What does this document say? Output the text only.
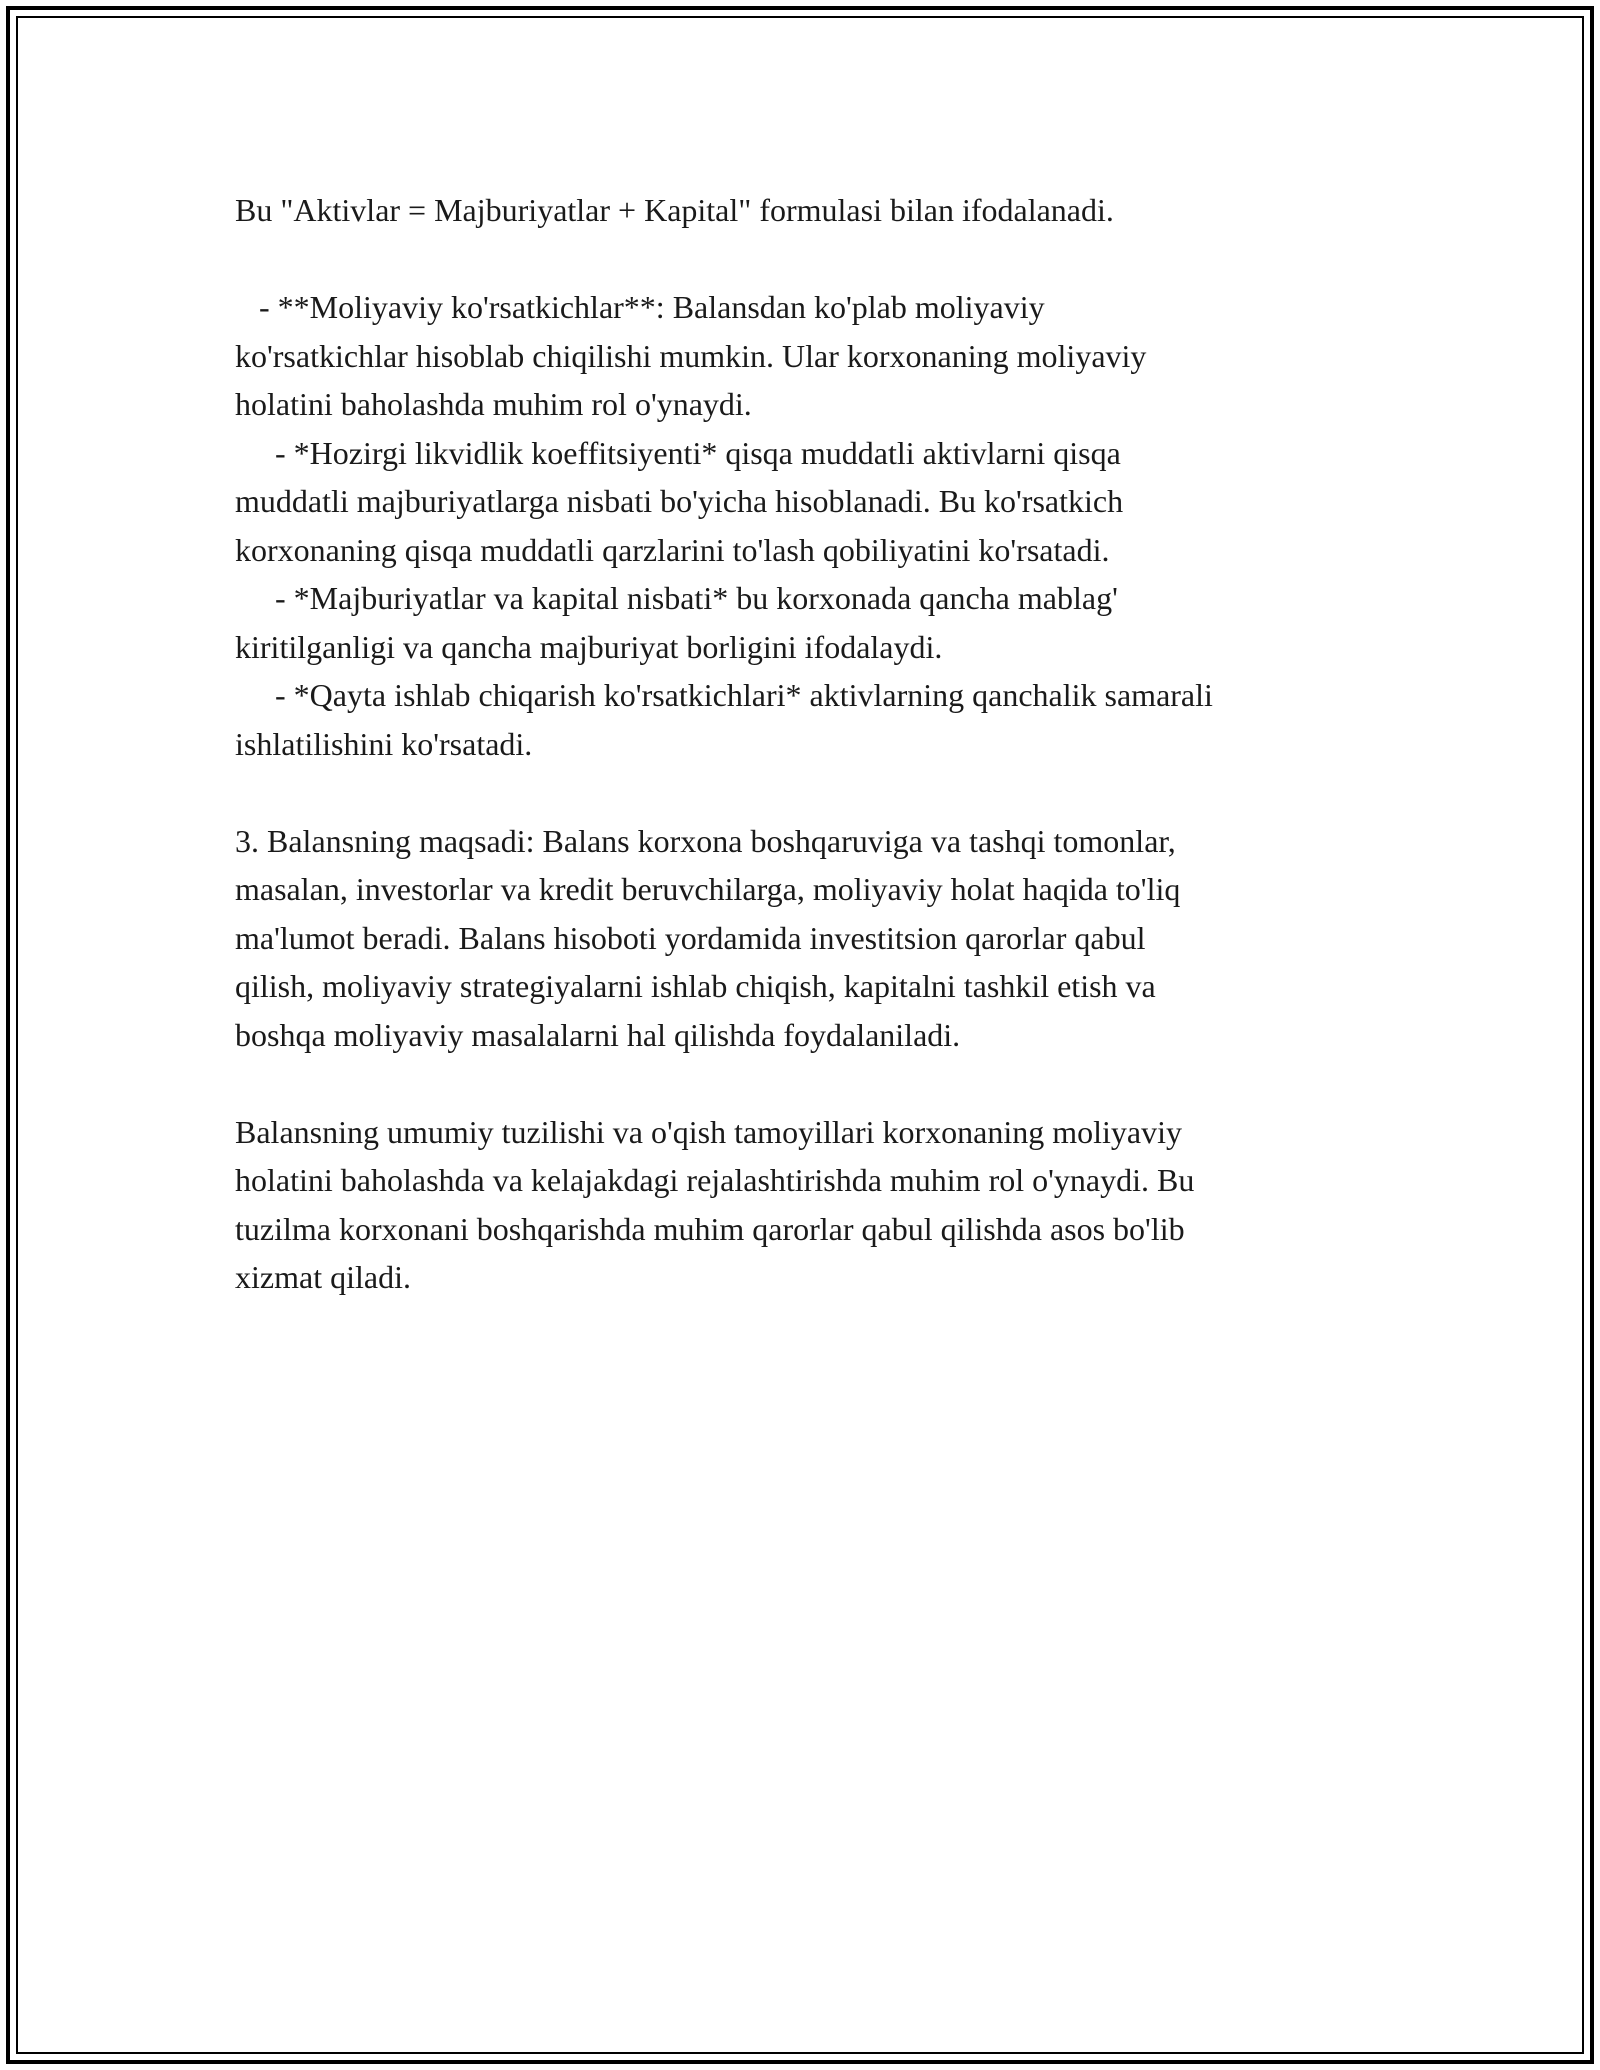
Bu "Aktivlar = Majburiyatlar + Kapital" formulasi bilan ifodalanadi.

- **Moliyaviy ko'rsatkichlar**: Balansdan ko'plab moliyaviy

ko'rsatkichlar hisoblab chiqilishi mumkin. Ular korxonaning moliyaviy

holatini baholashda muhim rol o'ynaydi.

- *Hozirgi likvidlik koeffitsiyenti* qisqa muddatli aktivlarni qisqa

muddatli majburiyatlarga nisbati bo'yicha hisoblanadi. Bu ko'rsatkich

korxonaning qisqa muddatli qarzlarini to'lash qobiliyatini ko'rsatadi.

- *Majburiyatlar va kapital nisbati* bu korxonada qancha mablag'

kiritilganligi va qancha majburiyat borligini ifodalaydi.

- *Qayta ishlab chiqarish ko'rsatkichlari* aktivlarning qanchalik samarali

ishlatilishini ko'rsatadi.

3. Balansning maqsadi: Balans korxona boshqaruviga va tashqi tomonlar,

masalan, investorlar va kredit beruvchilarga, moliyaviy holat haqida to'liq

ma'lumot beradi. Balans hisoboti yordamida investitsion qarorlar qabul

qilish, moliyaviy strategiyalarni ishlab chiqish, kapitalni tashkil etish va

boshqa moliyaviy masalalarni hal qilishda foydalaniladi.

Balansning umumiy tuzilishi va o'qish tamoyillari korxonaning moliyaviy

holatini baholashda va kelajakdagi rejalashtirishda muhim rol o'ynaydi. Bu

tuzilma korxonani boshqarishda muhim qarorlar qabul qilishda asos bo'lib

xizmat qiladi.
